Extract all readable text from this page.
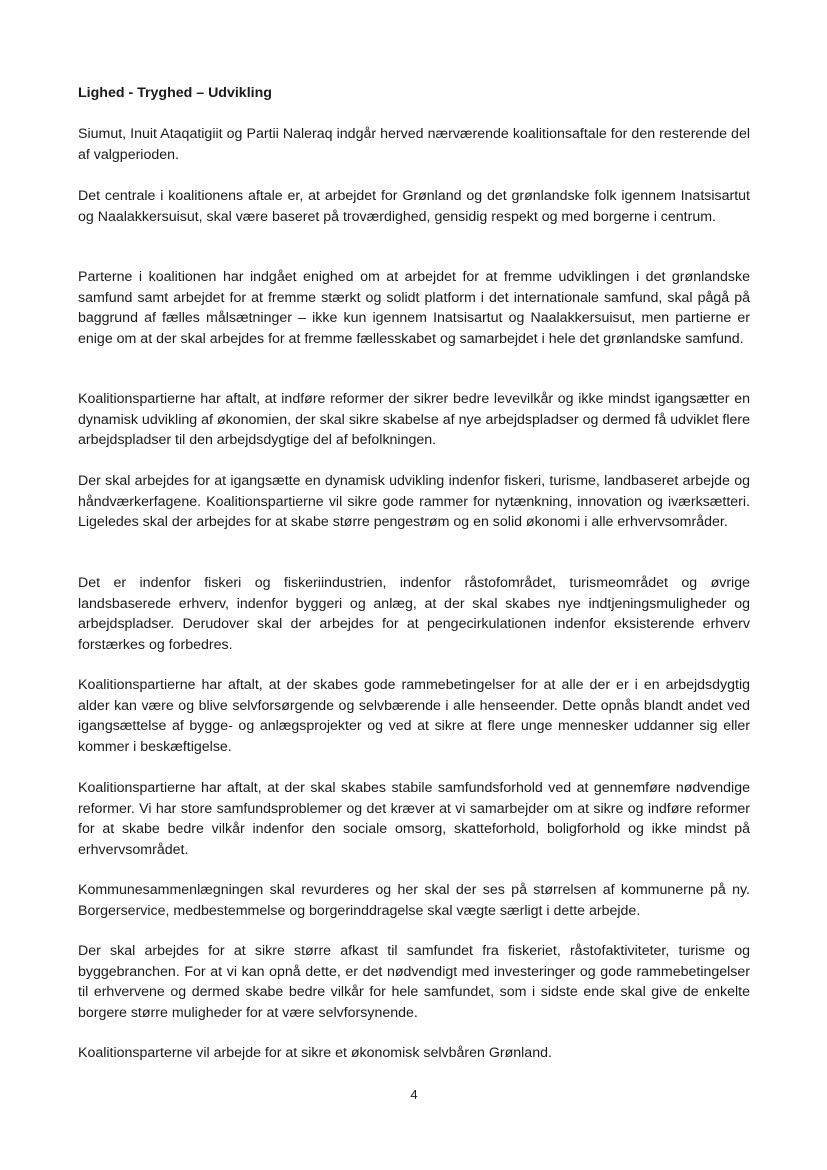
Lighed - Tryghed – Udvikling

Siumut, Inuit Ataqatigiit og Partii Naleraq indgår herved nærværende koalitionsaftale for den resterende del af valgperioden.

Det centrale i koalitionens aftale er, at arbejdet for Grønland og det grønlandske folk igennem Inatsisartut og Naalakkersuisut, skal være baseret på troværdighed, gensidig respekt og med borgerne i centrum.

Parterne i koalitionen har indgået enighed om at arbejdet for at fremme udviklingen i det grønlandske samfund samt arbejdet for at fremme stærkt og solidt platform i det internationale samfund, skal pågå på baggrund af fælles målsætninger – ikke kun igennem Inatsisartut og Naalakkersuisut, men partierne er enige om at der skal arbejdes for at fremme fællesskabet og samarbejdet i hele det grønlandske samfund.

Koalitionspartierne har aftalt, at indføre reformer der sikrer bedre levevilkår og ikke mindst igangsætter en dynamisk udvikling af økonomien, der skal sikre skabelse af nye arbejdspladser og dermed få udviklet flere arbejdspladser til den arbejdsdygtige del af befolkningen.

Der skal arbejdes for at igangsætte en dynamisk udvikling indenfor fiskeri, turisme, landbaseret arbejde og håndværkerfagene. Koalitionspartierne vil sikre gode rammer for nytænkning, innovation og iværksætteri. Ligeledes skal der arbejdes for at skabe større pengestrøm og en solid økonomi i alle erhvervsområder.

Det er indenfor fiskeri og fiskeriindustrien, indenfor råstofområdet, turismeområdet og øvrige landsbaserede erhverv, indenfor byggeri og anlæg, at der skal skabes nye indtjeningsmuligheder og arbejdspladser. Derudover skal der arbejdes for at pengecirkulationen indenfor eksisterende erhverv forstærkes og forbedres.

Koalitionspartierne har aftalt, at der skabes gode rammebetingelser for at alle der er i en arbejdsdygtig alder kan være og blive selvforsørgende og selvbærende i alle henseender. Dette opnås blandt andet ved igangsættelse af bygge- og anlægsprojekter og ved at sikre at flere unge mennesker uddanner sig eller kommer i beskæftigelse.

Koalitionspartierne har aftalt, at der skal skabes stabile samfundsforhold ved at gennemføre nødvendige reformer. Vi har store samfundsproblemer og det kræver at vi samarbejder om at sikre og indføre reformer for at skabe bedre vilkår indenfor den sociale omsorg, skatteforhold, boligforhold og ikke mindst på erhvervsområdet.

Kommunesammenlægningen skal revurderes og her skal der ses på størrelsen af kommunerne på ny. Borgerservice, medbestemmelse og borgerinddragelse skal vægte særligt i dette arbejde.

Der skal arbejdes for at sikre større afkast til samfundet fra fiskeriet, råstofaktiviteter, turisme og byggebranchen. For at vi kan opnå dette, er det nødvendigt med investeringer og gode rammebetingelser til erhvervene og dermed skabe bedre vilkår for hele samfundet, som i sidste ende skal give de enkelte borgere større muligheder for at være selvforsynende.

Koalitionsparterne vil arbejde for at sikre et økonomisk selvbåren Grønland.

4
